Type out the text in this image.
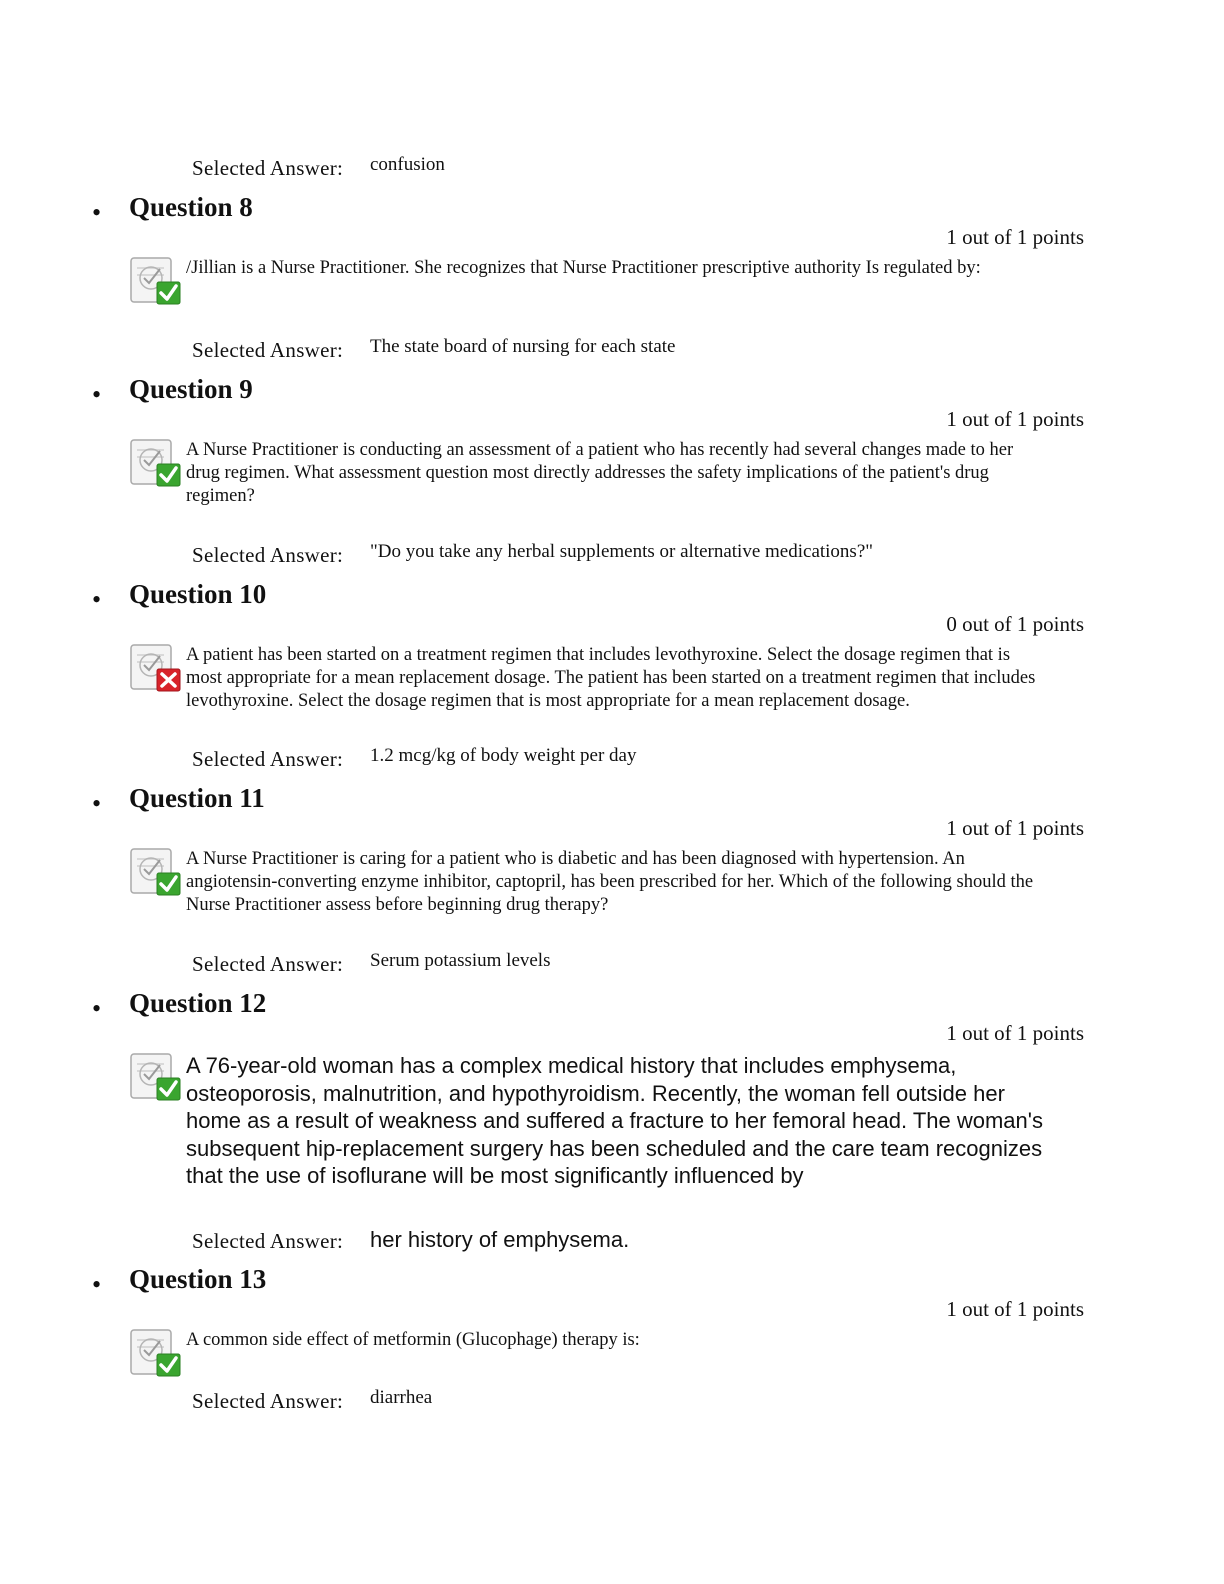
Selected Answer: confusion
• Question 8
1 out of 1 points
/Jillian is a Nurse Practitioner. She recognizes that Nurse Practitioner prescriptive authority Is regulated by:
Selected Answer: The state board of nursing for each state
• Question 9
1 out of 1 points
A Nurse Practitioner is conducting an assessment of a patient who has recently had several changes made to her drug regimen. What assessment question most directly addresses the safety implications of the patient's drug regimen?
Selected Answer: "Do you take any herbal supplements or alternative medications?"
• Question 10
0 out of 1 points
A patient has been started on a treatment regimen that includes levothyroxine. Select the dosage regimen that is most appropriate for a mean replacement dosage. The patient has been started on a treatment regimen that includes levothyroxine. Select the dosage regimen that is most appropriate for a mean replacement dosage.
Selected Answer: 1.2 mcg/kg of body weight per day
• Question 11
1 out of 1 points
A Nurse Practitioner is caring for a patient who is diabetic and has been diagnosed with hypertension. An angiotensin-converting enzyme inhibitor, captopril, has been prescribed for her. Which of the following should the Nurse Practitioner assess before beginning drug therapy?
Selected Answer: Serum potassium levels
• Question 12
1 out of 1 points
A 76-year-old woman has a complex medical history that includes emphysema, osteoporosis, malnutrition, and hypothyroidism. Recently, the woman fell outside her home as a result of weakness and suffered a fracture to her femoral head. The woman's subsequent hip-replacement surgery has been scheduled and the care team recognizes that the use of isoflurane will be most significantly influenced by
Selected Answer: her history of emphysema.
• Question 13
1 out of 1 points
A common side effect of metformin (Glucophage) therapy is:
Selected Answer: diarrhea
